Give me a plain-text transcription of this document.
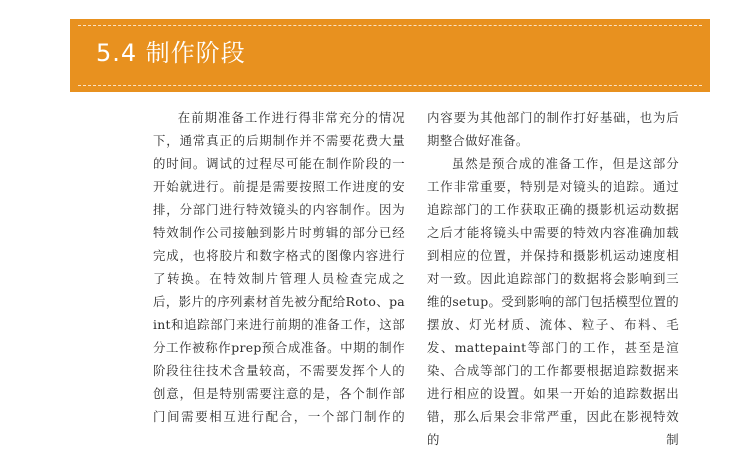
5.4 制作阶段

在前期准备工作进行得非常充分的情况下，通常真正的后期制作并不需要花费大量的时间。调试的过程尽可能在制作阶段的一开始就进行。前提是需要按照工作进度的安排，分部门进行特效镜头的内容制作。因为特效制作公司接触到影片时剪辑的部分已经完成，也将胶片和数字格式的图像内容进行了转换。在特效制片管理人员检查完成之后，影片的序列素材首先被分配给Roto、paint和追踪部门来进行前期的准备工作，这部分工作被称作prep预合成准备。中期的制作阶段往往技术含量较高，不需要发挥个人的创意，但是特别需要注意的是，各个制作部门间需要相互进行配合，一个部门制作的

内容要为其他部门的制作打好基础，也为后期整合做好准备。

虽然是预合成的准备工作，但是这部分工作非常重要，特别是对镜头的追踪。通过追踪部门的工作获取正确的摄影机运动数据之后才能将镜头中需要的特效内容准确加载到相应的位置，并保持和摄影机运动速度相对一致。因此追踪部门的数据将会影响到三维的setup。受到影响的部门包括模型位置的摆放、灯光材质、流体、粒子、布料、毛发、mattepaint等部门的工作，甚至是渲染、合成等部门的工作都要根据追踪数据来进行相应的设置。如果一开始的追踪数据出错，那么后果会非常严重，因此在影视特效的制
